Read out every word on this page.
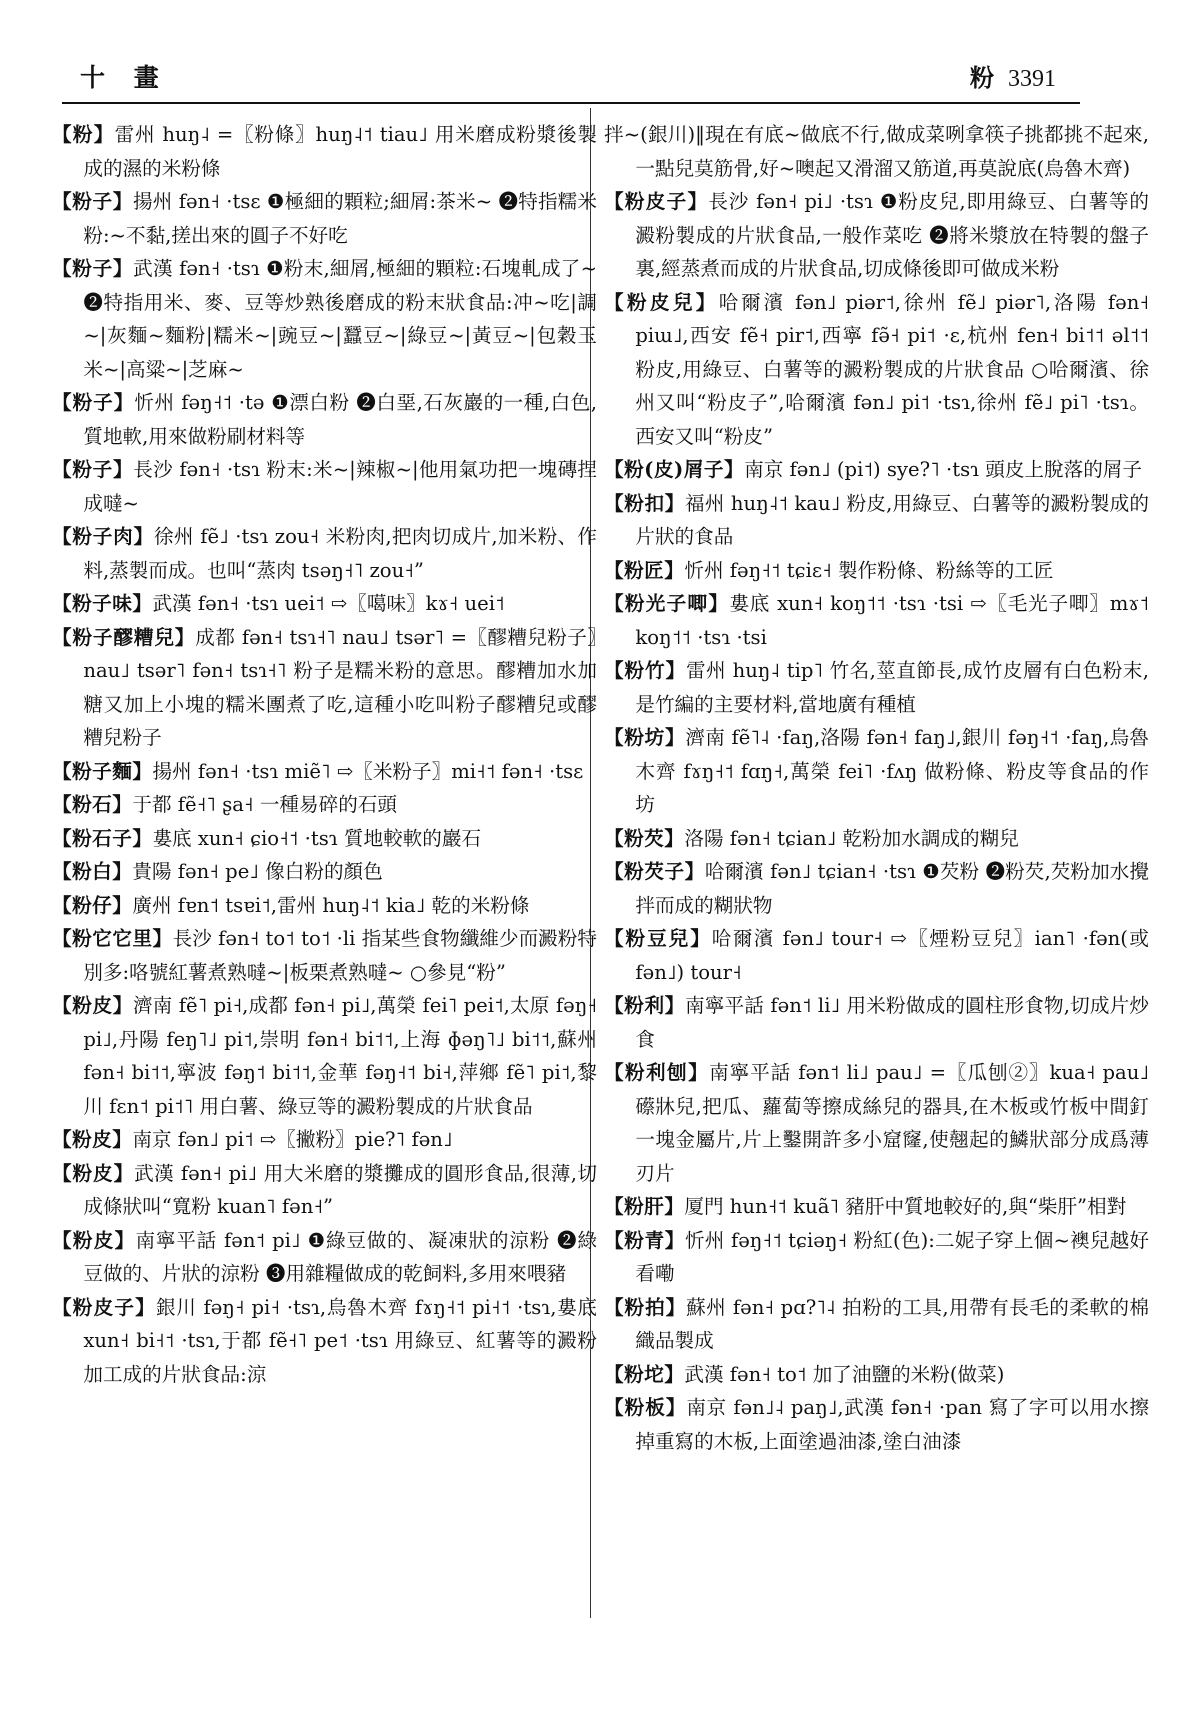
十 畫	粉 3391

【粉】雷州 huŋ˨ =〖粉條〗huŋ˨˦ tiau˩ 用米磨成粉漿後製成的濕的米粉條

【粉子】揚州 fən˧ ·tsɛ ❶極細的顆粒;細屑:茶米~ ❷特指糯米粉:~不黏,搓出來的圓子不好吃

【粉子】武漢 fən˧ ·tsɿ ❶粉末,細屑,極細的顆粒:石塊軋成了~ ❷特指用米、麥、豆等炒熟後磨成的粉末狀食品:冲~吃|調~|灰麵~麵粉|糯米~|豌豆~|蠶豆~|綠豆~|黃豆~|包穀玉米~|高粱~|芝麻~

【粉子】忻州 fəŋ˧˦ ·tə ❶漂白粉 ❷白堊,石灰巖的一種,白色,質地軟,用來做粉刷材料等

【粉子】長沙 fən˧ ·tsɿ 粉末:米~|辣椒~|他用氣功把一塊磚捏成噠~

【粉子肉】徐州 fẽ˩ ·tsɿ zou˧ 米粉肉,把肉切成片,加米粉、作料,蒸製而成。也叫“蒸肉 tsəŋ˧˥ zou˧”

【粉子味】武漢 fən˧ ·tsɿ uei˦ ⇨〖噶味〗kɤ˧ uei˦

【粉子醪糟兒】成都 fən˧ tsɿ˧˥ nau˩ tsər˥ =〖醪糟兒粉子〗nau˩ tsər˥ fən˧ tsɿ˧˥ 粉子是糯米粉的意思。醪糟加水加糖又加上小塊的糯米團煮了吃,這種小吃叫粉子醪糟兒或醪糟兒粉子

【粉子麵】揚州 fən˧ ·tsɿ miẽ˥ ⇨〖米粉子〗mi˧˦ fən˧ ·tsɛ

【粉石】于都 fẽ˧˥ ʂa˧ 一種易碎的石頭

【粉石子】婁底 xun˧ ɕio˧˦ ·tsɿ 質地較軟的巖石

【粉白】貴陽 fən˧ pe˩ 像白粉的顏色

【粉仔】廣州 fɐn˦ tsɐi˦,雷州 huŋ˨˦ kia˩ 乾的米粉條

【粉它它里】長沙 fən˧ to˦ to˦ ·li 指某些食物纖維少而澱粉特別多:咯號紅薯煮熟噠~|板栗煮熟噠~ ○參見“粉”

【粉皮】濟南 fẽ˥ pi˧,成都 fən˧ pi˩,萬榮 fei˥ pei˦,太原 fəŋ˧ pi˩,丹陽 feŋ˥˩ pi˦,崇明 fən˧ bi˦˦,上海 ɸəŋ˥˩ bi˦˦,蘇州 fən˧ bi˦˦,寧波 fəŋ˦ bi˦˦,金華 fəŋ˧˦ bi˧,萍鄉 fẽ˥ pi˦,黎川 fɛn˦ pi˦˥ 用白薯、綠豆等的澱粉製成的片狀食品

【粉皮】南京 fən˩ pi˦ ⇨〖撇粉〗pie?˥ fən˩

【粉皮】武漢 fən˧ pi˩ 用大米磨的漿攤成的圓形食品,很薄,切成條狀叫“寬粉 kuan˥ fən˧”

【粉皮】南寧平話 fən˦ pi˩ ❶綠豆做的、凝凍狀的涼粉 ❷綠豆做的、片狀的涼粉 ❸用雜糧做成的乾飼料,多用來喂豬

【粉皮子】銀川 fəŋ˧ pi˧ ·tsɿ,烏魯木齊 fɤŋ˧˦ pi˧˦ ·tsɿ,婁底 xun˧ bi˧˦ ·tsɿ,于都 fẽ˧˥ pe˦ ·tsɿ 用綠豆、紅薯等的澱粉加工成的片狀食品:涼

拌~(銀川)‖現在有底~做底不行,做成菜咧拿筷子挑都挑不起來,一點兒莫筋骨,好~噢起又滑溜又筋道,再莫說底(烏魯木齊)

【粉皮子】長沙 fən˧ pi˩ ·tsɿ ❶粉皮兒,即用綠豆、白薯等的澱粉製成的片狀食品,一般作菜吃 ❷將米漿放在特製的盤子裏,經蒸煮而成的片狀食品,切成條後即可做成米粉

【粉皮兒】哈爾濱 fən˩ piər˦,徐州 fẽ˩ piər˥,洛陽 fən˧ piɯ˩,西安 fẽ˧ pir˦,西寧 fə̃˧ pi˦ ·ɛ,杭州 fen˧ bi˦˦ əl˦˦ 粉皮,用綠豆、白薯等的澱粉製成的片狀食品 ○哈爾濱、徐州又叫“粉皮子”,哈爾濱 fən˩ pi˦ ·tsɿ,徐州 fẽ˩ pi˥ ·tsɿ。西安又叫“粉皮”

【粉(皮)屑子】南京 fən˩ (pi˦) sye?˥ ·tsɿ 頭皮上脫落的屑子

【粉扣】福州 huŋ˨˦ kau˩ 粉皮,用綠豆、白薯等的澱粉製成的片狀的食品

【粉匠】忻州 fəŋ˧˦ tɕiɛ˧ 製作粉條、粉絲等的工匠

【粉光子唧】婁底 xun˧ koŋ˦˦ ·tsɿ ·tsi ⇨〖毛光子唧〗mɤ˦ koŋ˦˦ ·tsɿ ·tsi

【粉竹】雷州 huŋ˨ tip˥ 竹名,莖直節長,成竹皮層有白色粉末,是竹編的主要材料,當地廣有種植

【粉坊】濟南 fẽ˥˨ ·faŋ,洛陽 fən˧ faŋ˩,銀川 fəŋ˧˦ ·faŋ,烏魯木齊 fɤŋ˧˦ fɑŋ˧,萬榮 fei˥ ·fʌŋ 做粉條、粉皮等食品的作坊

【粉芡】洛陽 fən˧ tɕian˩ 乾粉加水調成的糊兒

【粉芡子】哈爾濱 fən˩ tɕian˧ ·tsɿ ❶芡粉 ❷粉芡,芡粉加水攪拌而成的糊狀物

【粉豆兒】哈爾濱 fən˩ tour˧ ⇨〖煙粉豆兒〗ian˥ ·fən(或fən˩) tour˧

【粉利】南寧平話 fən˦ li˩ 用米粉做成的圓柱形食物,切成片炒食

【粉利刨】南寧平話 fən˦ li˩ pau˩ =〖瓜刨②〗kua˧ pau˩ 礤牀兒,把瓜、蘿蔔等擦成絲兒的器具,在木板或竹板中間釘一塊金屬片,片上鑿開許多小窟窿,使翹起的鱗狀部分成爲薄刃片

【粉肝】厦門 hun˧˦ kuã˥ 豬肝中質地較好的,與“柴肝”相對

【粉青】忻州 fəŋ˧˦ tɕiəŋ˧ 粉紅(色):二妮子穿上個~襖兒越好看嘞

【粉拍】蘇州 fən˧ pɑ?˥˨ 拍粉的工具,用帶有長毛的柔軟的棉織品製成

【粉坨】武漢 fən˧ to˦ 加了油鹽的米粉(做菜)

【粉板】南京 fən˩˨ paŋ˩,武漢 fən˧ ·pan 寫了字可以用水擦掉重寫的木板,上面塗過油漆,塗白油漆
